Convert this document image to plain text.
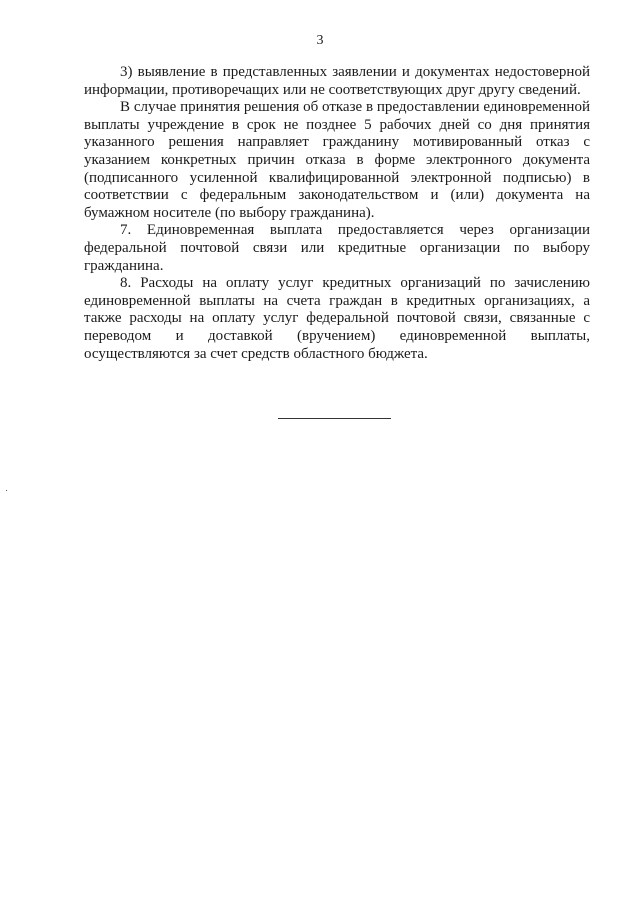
3

3) выявление в представленных заявлении и документах недостоверной информации, противоречащих или не соответствующих друг другу сведений.

В случае принятия решения об отказе в предоставлении единовременной выплаты учреждение в срок не позднее 5 рабочих дней со дня принятия указанного решения направляет гражданину мотивированный отказ с указанием конкретных причин отказа в форме электронного документа (подписанного усиленной квалифицированной электронной подписью) в соответствии с федеральным законодательством и (или) документа на бумажном носителе (по выбору гражданина).

7. Единовременная выплата предоставляется через организации федеральной почтовой связи или кредитные организации по выбору гражданина.

8. Расходы на оплату услуг кредитных организаций по зачислению единовременной выплаты на счета граждан в кредитных организациях, а также расходы на оплату услуг федеральной почтовой связи, связанные с переводом и доставкой (вручением) единовременной выплаты, осуществляются за счет средств областного бюджета.
